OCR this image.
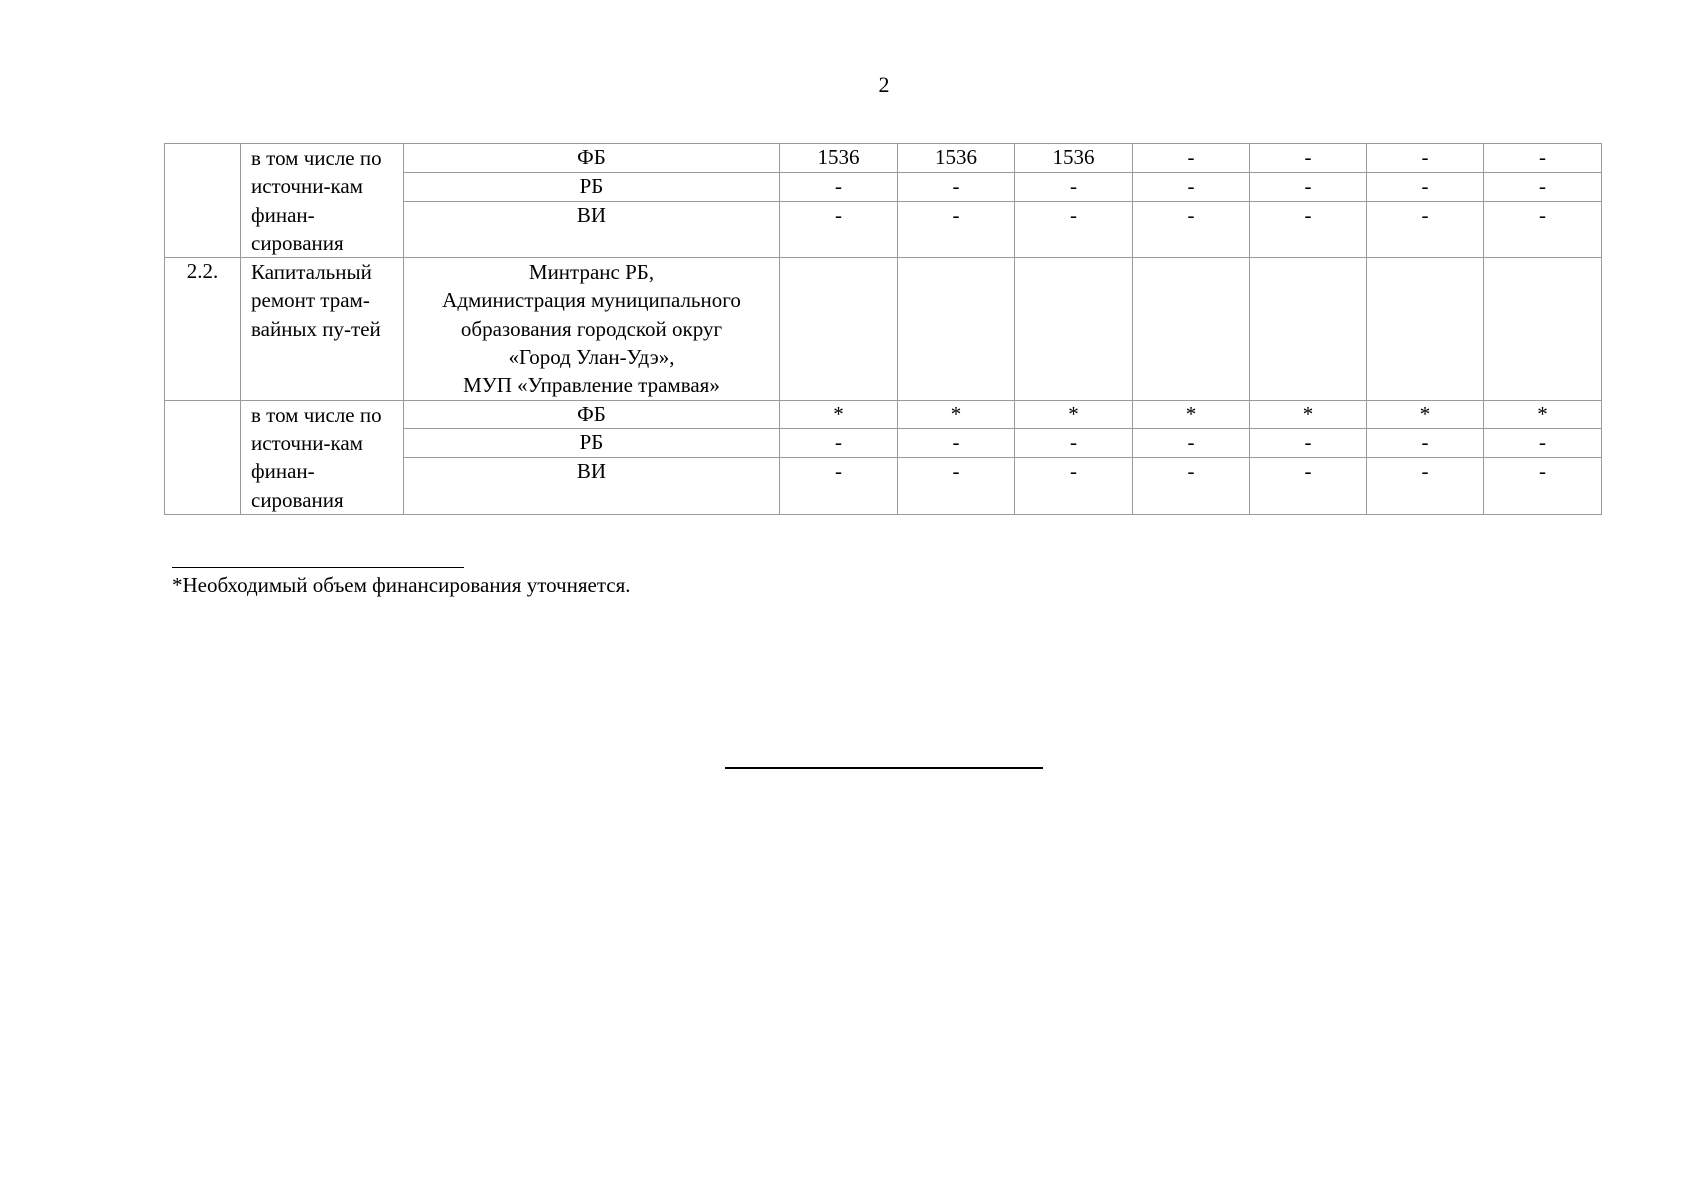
2
	в том числе по источни-кам финан-сирования	ФБ	1536	1536	1536	-	-	-	-
		РБ	-	-	-	-	-	-	-
		ВИ	-	-	-	-	-	-	-
2.2.	Капитальный ремонт трам-вайных пу-тей	Минтранс РБ,
Администрация муниципального
образования городской округ
«Город Улан-Удэ»,
МУП «Управление трамвая»							

	в том числе по источни-кам финан-сирования	ФБ	*	*	*	*	*	*	*
		РБ	-	-	-	-	-	-	-
		ВИ	-	-	-	-	-	-	-
*Необходимый объем финансирования уточняется.
